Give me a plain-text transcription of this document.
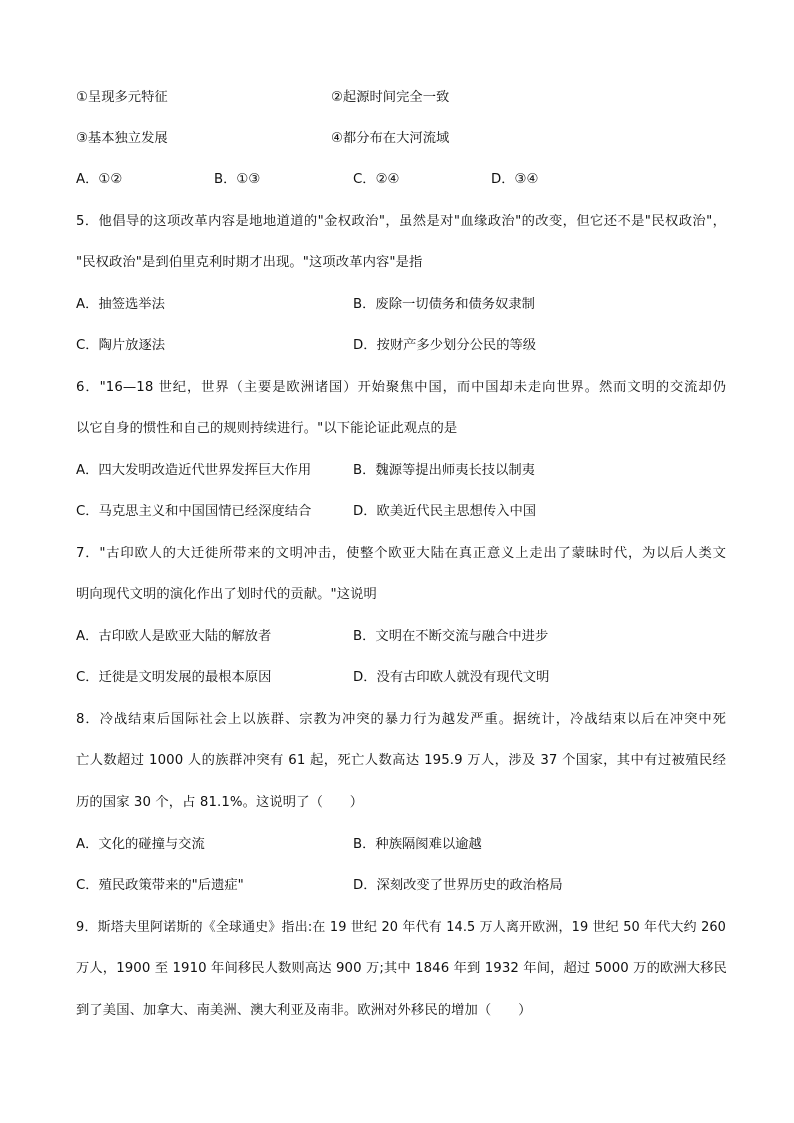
①呈现多元特征	②起源时间完全一致
③基本独立发展	④都分布在大河流域
A．①②	B．①③	C．②④	D．③④
5．他倡导的这项改革内容是地地道道的"金权政治"，虽然是对"血缘政治"的改变，但它还不是"民权政治"，
"民权政治"是到伯里克利时期才出现。"这项改革内容"是指
A．抽签选举法	B．废除一切债务和债务奴隶制
C．陶片放逐法	D．按财产多少划分公民的等级
6．"16—18 世纪，世界（主要是欧洲诸国）开始聚焦中国，而中国却未走向世界。然而文明的交流却仍
以它自身的惯性和自己的规则持续进行。"以下能论证此观点的是
A．四大发明改造近代世界发挥巨大作用	B．魏源等提出师夷长技以制夷
C．马克思主义和中国国情已经深度结合	D．欧美近代民主思想传入中国
7．"古印欧人的大迁徙所带来的文明冲击，使整个欧亚大陆在真正意义上走出了蒙昧时代，为以后人类文
明向现代文明的演化作出了划时代的贡献。"这说明
A．古印欧人是欧亚大陆的解放者	B．文明在不断交流与融合中进步
C．迁徙是文明发展的最根本原因	D．没有古印欧人就没有现代文明
8．冷战结束后国际社会上以族群、宗教为冲突的暴力行为越发严重。据统计，冷战结束以后在冲突中死
亡人数超过 1000 人的族群冲突有 61 起，死亡人数高达 195.9 万人，涉及 37 个国家，其中有过被殖民经
历的国家 30 个，占 81.1%。这说明了（　　）
A．文化的碰撞与交流	B．种族隔阂难以逾越
C．殖民政策带来的"后遗症"	D．深刻改变了世界历史的政治格局
9．斯塔夫里阿诺斯的《全球通史》指出:在 19 世纪 20 年代有 14.5 万人离开欧洲，19 世纪 50 年代大约 260
万人，1900 至 1910 年间移民人数则高达 900 万;其中 1846 年到 1932 年间，超过 5000 万的欧洲大移民
到了美国、加拿大、南美洲、澳大利亚及南非。欧洲对外移民的增加（　　）
